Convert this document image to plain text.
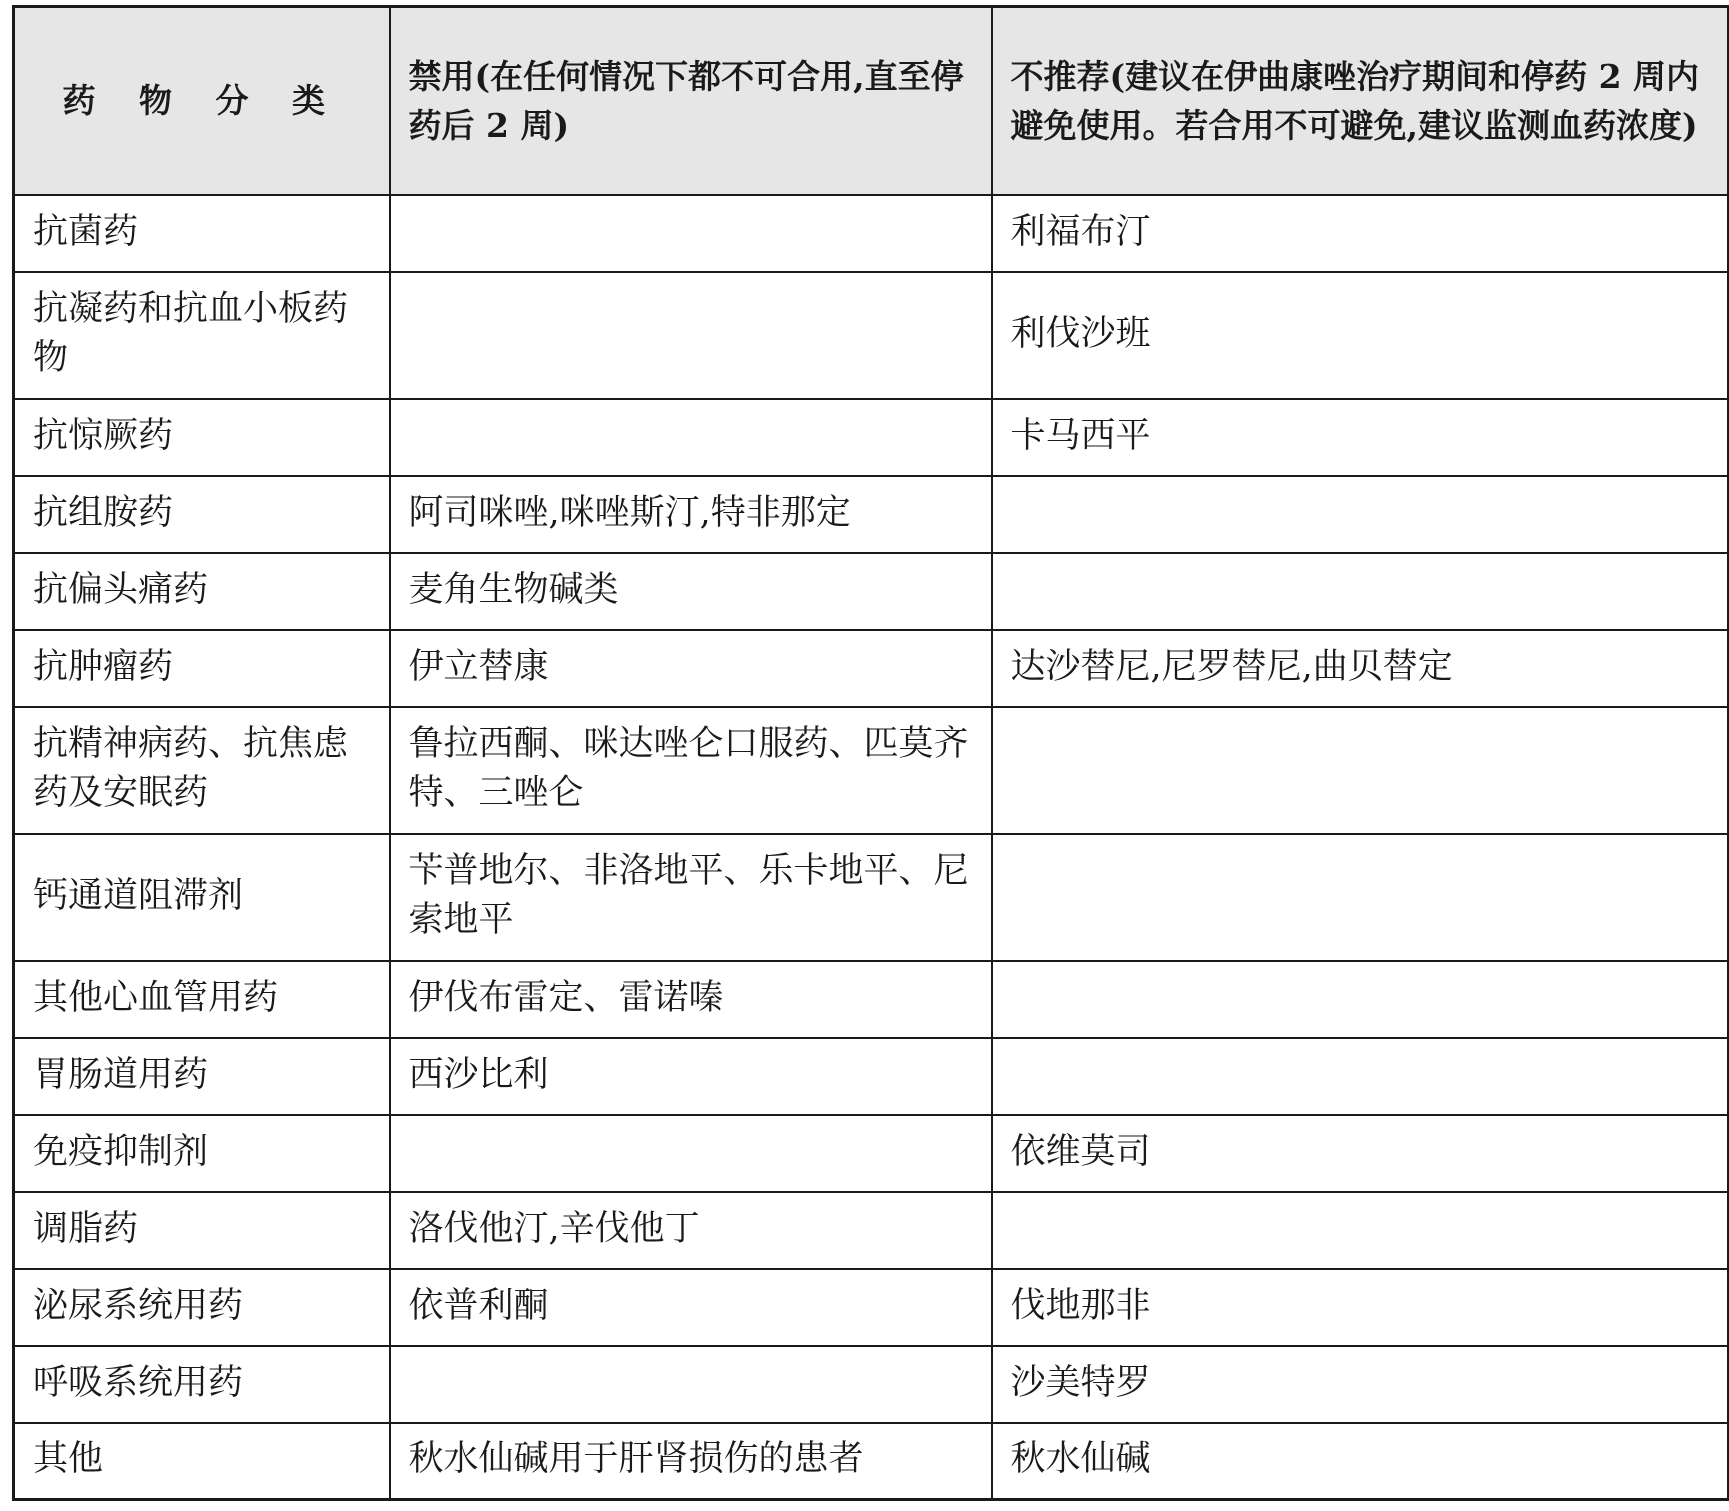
药 物 分 类	禁用(在任何情况下都不可合用,直至停药后 2 周)	不推荐(建议在伊曲康唑治疗期间和停药 2 周内避免使用。若合用不可避免,建议监测血药浓度)
抗菌药		利福布汀
抗凝药和抗血小板药物		利伐沙班
抗惊厥药		卡马西平
抗组胺药	阿司咪唑,咪唑斯汀,特非那定	
抗偏头痛药	麦角生物碱类	
抗肿瘤药	伊立替康	达沙替尼,尼罗替尼,曲贝替定
抗精神病药、抗焦虑药及安眠药	鲁拉西酮、咪达唑仑口服药、匹莫齐特、三唑仑	
钙通道阻滞剂	苄普地尔、非洛地平、乐卡地平、尼索地平	
其他心血管用药	伊伐布雷定、雷诺嗪	
胃肠道用药	西沙比利	
免疫抑制剂		依维莫司
调脂药	洛伐他汀,辛伐他丁	
泌尿系统用药	依普利酮	伐地那非
呼吸系统用药		沙美特罗
其他	秋水仙碱用于肝肾损伤的患者	秋水仙碱
